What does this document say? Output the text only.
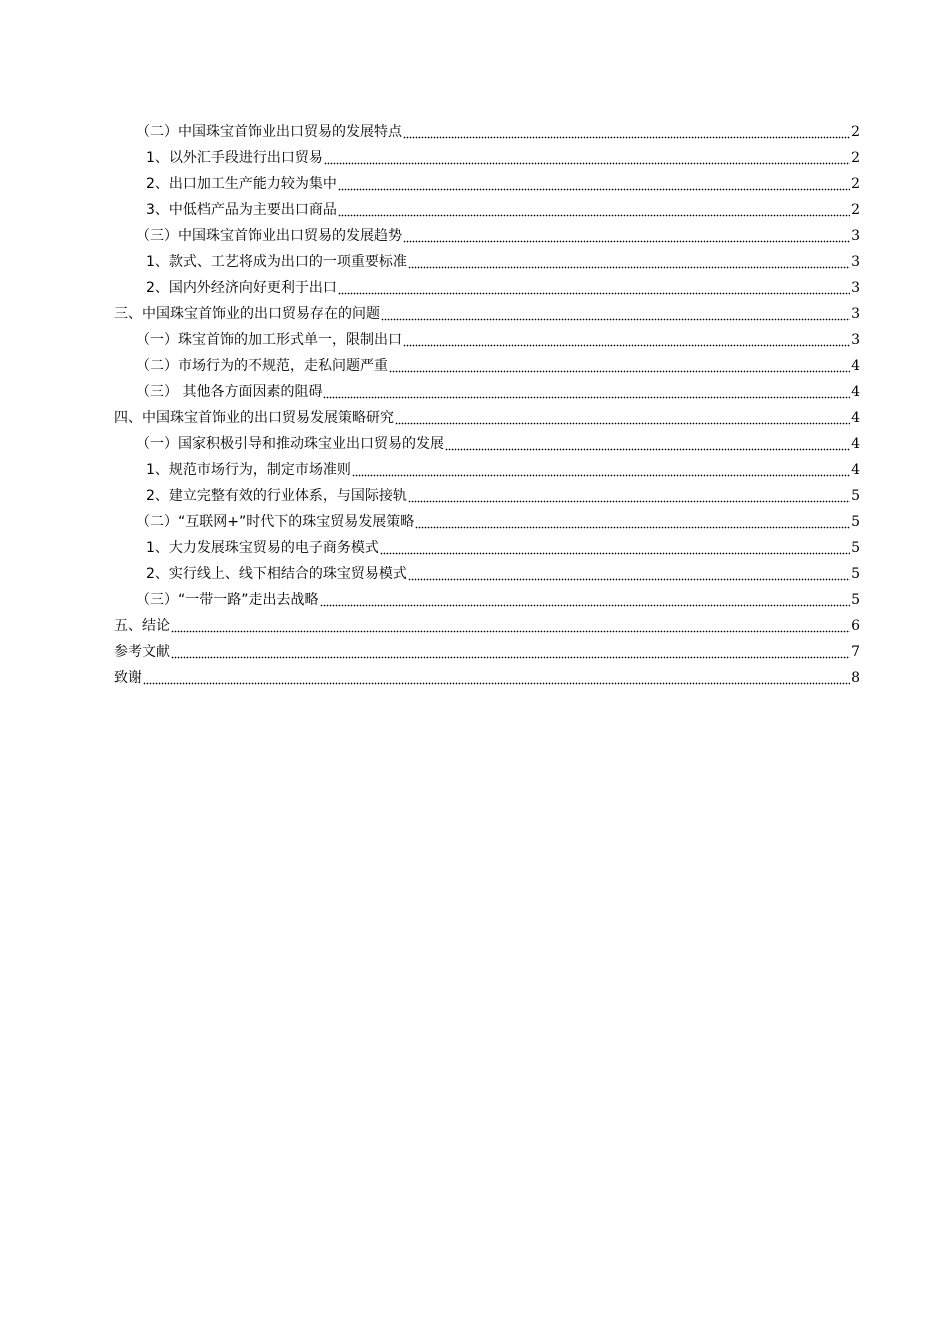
（二）中国珠宝首饰业出口贸易的发展特点	2
1、以外汇手段进行出口贸易	2
2、出口加工生产能力较为集中	2
3、中低档产品为主要出口商品	2
（三）中国珠宝首饰业出口贸易的发展趋势	3
1、款式、工艺将成为出口的一项重要标准	3
2、国内外经济向好更利于出口	3
三、中国珠宝首饰业的出口贸易存在的问题	3
（一）珠宝首饰的加工形式单一，限制出口	3
（二）市场行为的不规范，走私问题严重	4
（三） 其他各方面因素的阻碍	4
四、中国珠宝首饰业的出口贸易发展策略研究	4
（一）国家积极引导和推动珠宝业出口贸易的发展	4
1、规范市场行为，制定市场准则	4
2、建立完整有效的行业体系，与国际接轨	5
（二）“互联网+”时代下的珠宝贸易发展策略	5
1、大力发展珠宝贸易的电子商务模式	5
2、实行线上、线下相结合的珠宝贸易模式	5
（三）“一带一路”走出去战略	5
五、结论	6
参考文献	7
致谢	8
